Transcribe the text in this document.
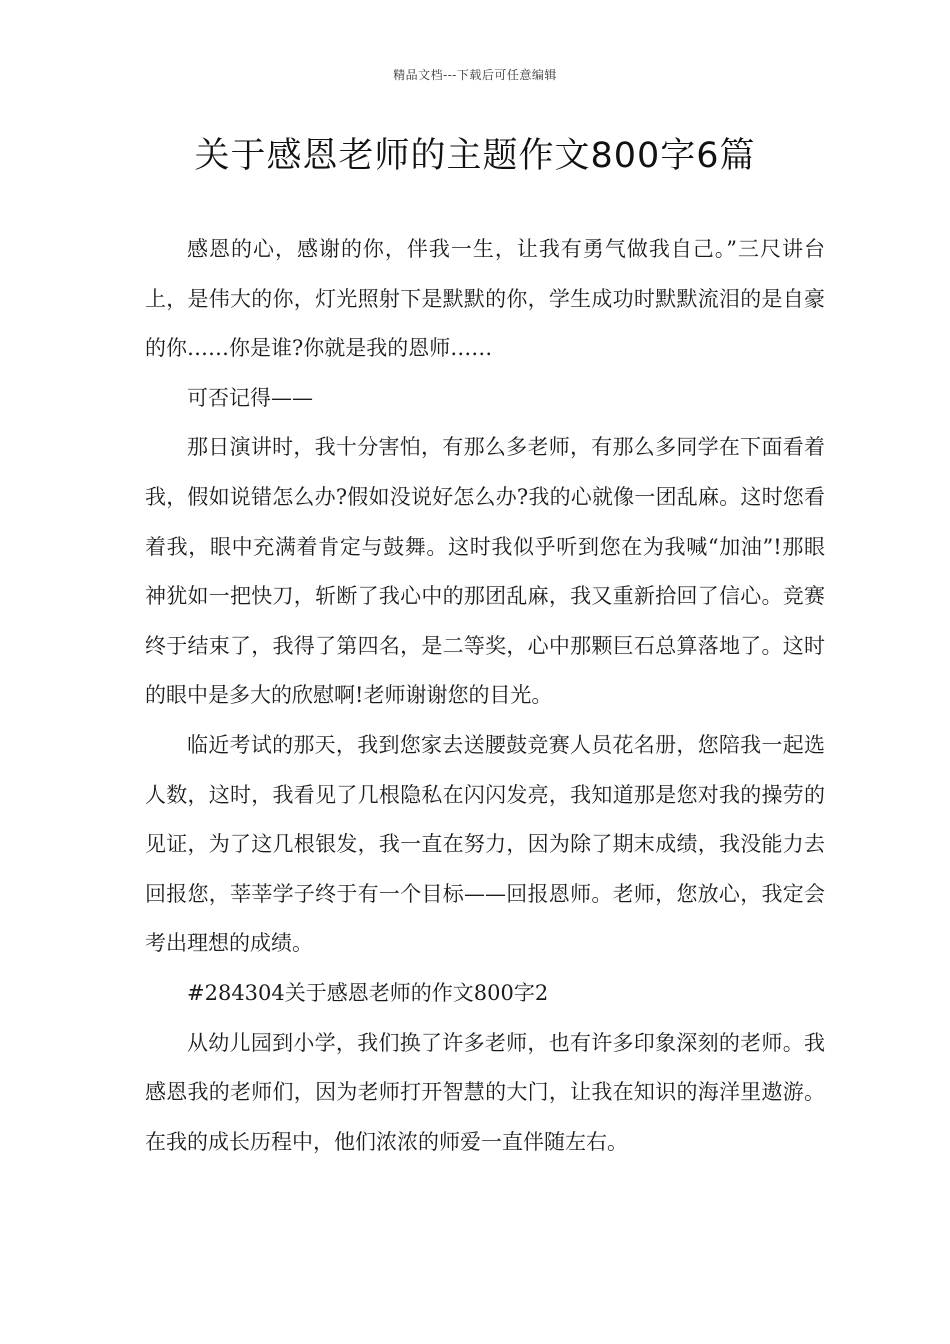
精品文档---下载后可任意编辑
关于感恩老师的主题作文800字6篇

感恩的心，感谢的你，伴我一生，让我有勇气做我自己。”三尺讲台上，是伟大的你，灯光照射下是默默的你，学生成功时默默流泪的是自豪的你……你是谁?你就是我的恩师……

可否记得——

那日演讲时，我十分害怕，有那么多老师，有那么多同学在下面看着我，假如说错怎么办?假如没说好怎么办?我的心就像一团乱麻。这时您看着我，眼中充满着肯定与鼓舞。这时我似乎听到您在为我喊“加油”!那眼神犹如一把快刀，斩断了我心中的那团乱麻，我又重新拾回了信心。竞赛终于结束了，我得了第四名，是二等奖，心中那颗巨石总算落地了。这时的眼中是多大的欣慰啊!老师谢谢您的目光。

临近考试的那天，我到您家去送腰鼓竞赛人员花名册，您陪我一起选人数，这时，我看见了几根隐私在闪闪发亮，我知道那是您对我的操劳的见证，为了这几根银发，我一直在努力，因为除了期末成绩，我没能力去回报您，莘莘学子终于有一个目标——回报恩师。老师，您放心，我定会考出理想的成绩。

#284304关于感恩老师的作文800字2

从幼儿园到小学，我们换了许多老师，也有许多印象深刻的老师。我感恩我的老师们，因为老师打开智慧的大门，让我在知识的海洋里遨游。在我的成长历程中，他们浓浓的师爱一直伴随左右。
